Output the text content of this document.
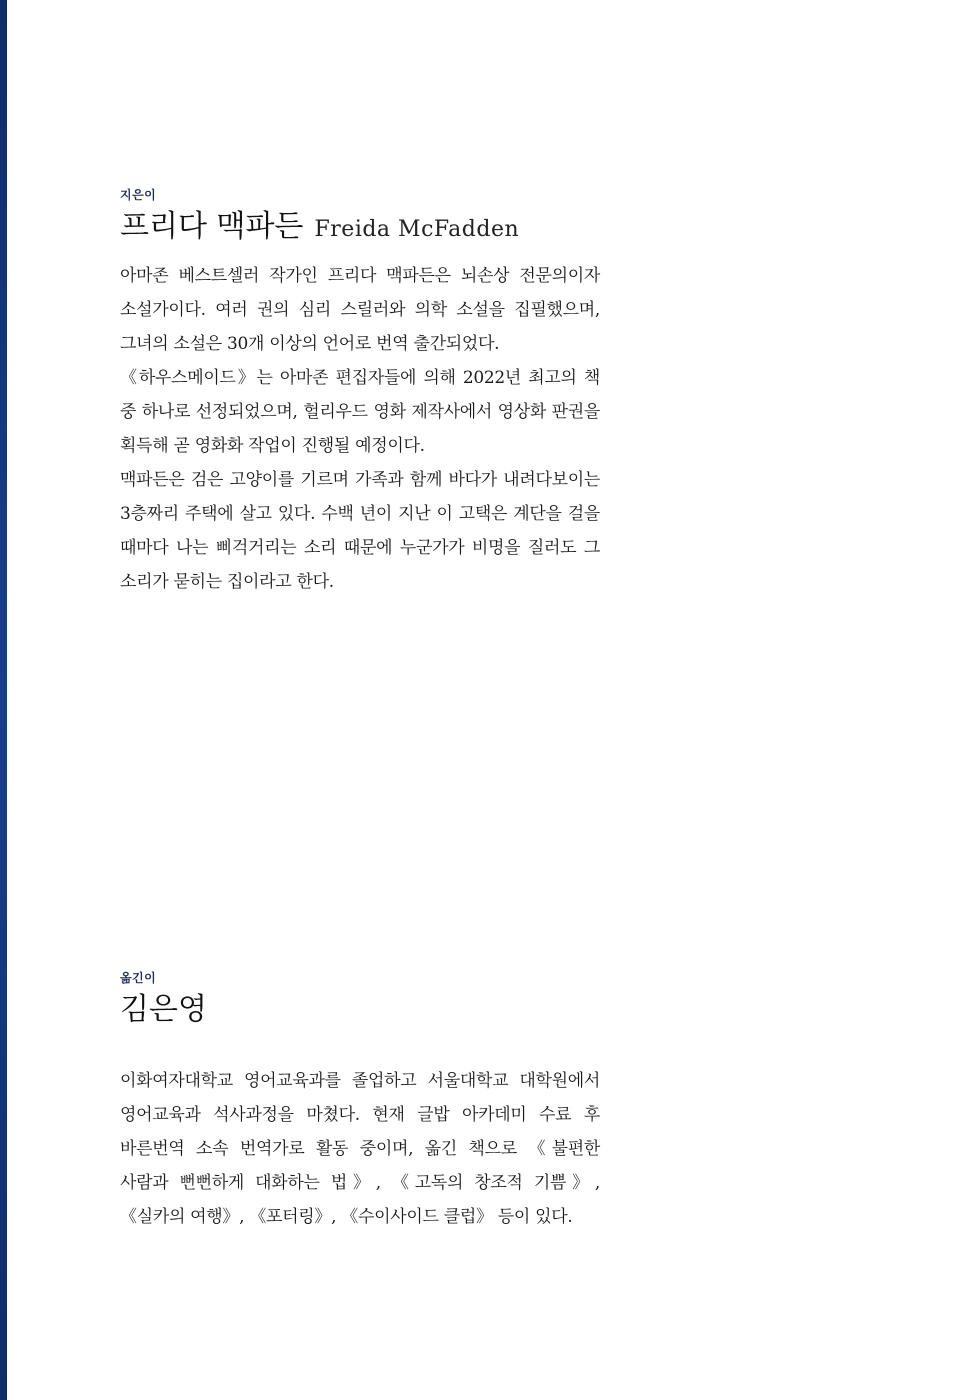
지은이
프리다 맥파든 Freida McFadden

아마존 베스트셀러 작가인 프리다 맥파든은 뇌손상 전문의이자 소설가이다. 여러 권의 심리 스릴러와 의학 소설을 집필했으며, 그녀의 소설은 30개 이상의 언어로 번역 출간되었다.

《하우스메이드》는 아마존 편집자들에 의해 2022년 최고의 책 중 하나로 선정되었으며, 헐리우드 영화 제작사에서 영상화 판권을 획득해 곧 영화화 작업이 진행될 예정이다.

맥파든은 검은 고양이를 기르며 가족과 함께 바다가 내려다보이는 3층짜리 주택에 살고 있다. 수백 년이 지난 이 고택은 계단을 걸을 때마다 나는 삐걱거리는 소리 때문에 누군가가 비명을 질러도 그 소리가 묻히는 집이라고 한다.

옮긴이
김은영

이화여자대학교 영어교육과를 졸업하고 서울대학교 대학원에서 영어교육과 석사과정을 마쳤다. 현재 글밥 아카데미 수료 후 바른번역 소속 번역가로 활동 중이며, 옮긴 책으로 《불편한 사람과 뻔뻔하게 대화하는 법》, 《고독의 창조적 기쁨》, 《실카의 여행》, 《포터링》, 《수이사이드 클럽》 등이 있다.
